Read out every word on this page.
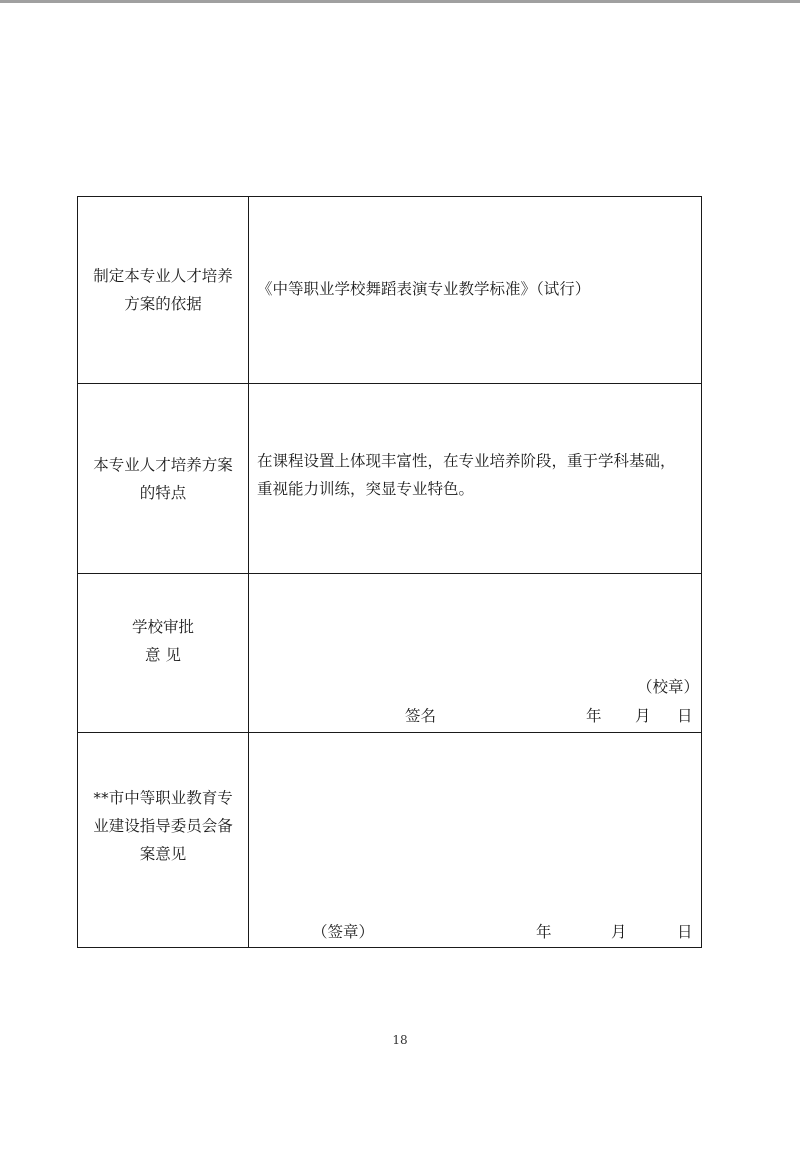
制定本专业人才培养
方案的依据	《中等职业学校舞蹈表演专业教学标准》（试行）

本专业人才培养方案
的特点	在课程设置上体现丰富性，在专业培养阶段，重于学科基础，
重视能力训练，突显专业特色。

学校审批
意 见	（校章）
签名 年 月 日

**市中等职业教育专
业建设指导委员会备
案意见	（签章） 年 月 日
18
